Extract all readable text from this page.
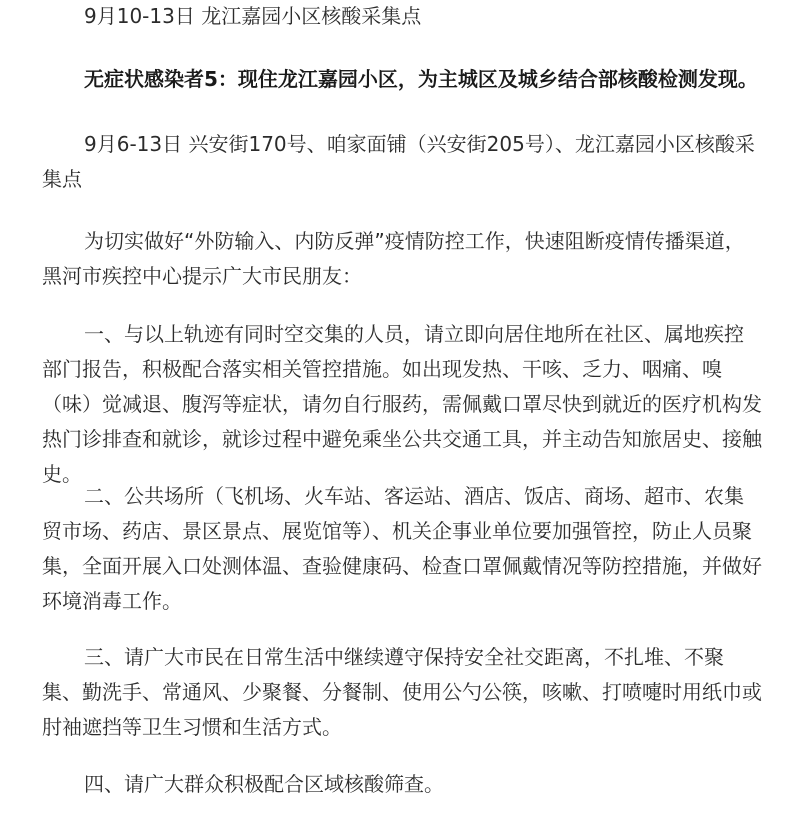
9月10-13日 龙江嘉园小区核酸采集点

无症状感染者5：现住龙江嘉园小区，为主城区及城乡结合部核酸检测发现。

9月6-13日 兴安街170号、咱家面铺（兴安街205号）、龙江嘉园小区核酸采集点

为切实做好“外防输入、内防反弹”疫情防控工作，快速阻断疫情传播渠道，黑河市疾控中心提示广大市民朋友：

一、与以上轨迹有同时空交集的人员，请立即向居住地所在社区、属地疾控部门报告，积极配合落实相关管控措施。如出现发热、干咳、乏力、咽痛、嗅（味）觉减退、腹泻等症状，请勿自行服药，需佩戴口罩尽快到就近的医疗机构发热门诊排查和就诊，就诊过程中避免乘坐公共交通工具，并主动告知旅居史、接触史。

二、公共场所（飞机场、火车站、客运站、酒店、饭店、商场、超市、农集贸市场、药店、景区景点、展览馆等）、机关企事业单位要加强管控，防止人员聚集，全面开展入口处测体温、查验健康码、检查口罩佩戴情况等防控措施，并做好环境消毒工作。

三、请广大市民在日常生活中继续遵守保持安全社交距离，不扎堆、不聚集、勤洗手、常通风、少聚餐、分餐制、使用公勺公筷，咳嗽、打喷嚏时用纸巾或肘袖遮挡等卫生习惯和生活方式。

四、请广大群众积极配合区域核酸筛查。
